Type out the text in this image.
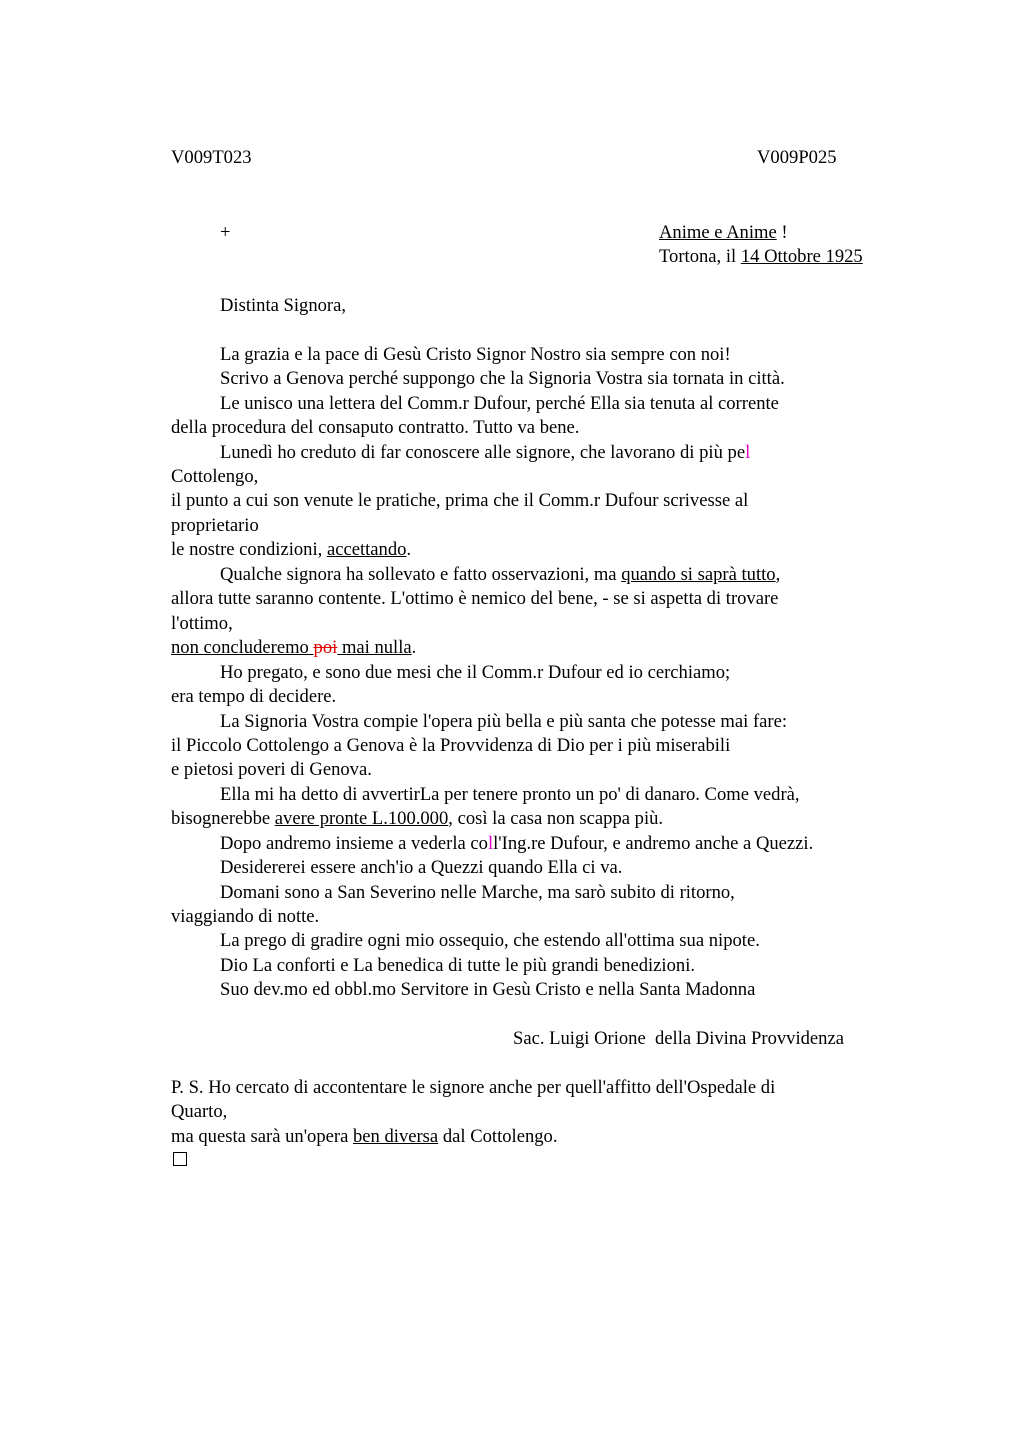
V009T023	V009P025
+	Anime e Anime !
Tortona, il 14 Ottobre 1925
Distinta Signora,
La grazia e la pace di Gesù Cristo Signor Nostro sia sempre con noi!
Scrivo a Genova perché suppongo che la Signoria Vostra sia tornata in città.
Le unisco una lettera del Comm.r Dufour, perché Ella sia tenuta al corrente
della procedura del consaputo contratto. Tutto va bene.
Lunedì ho creduto di far conoscere alle signore, che lavorano di più pel
Cottolengo,
il punto a cui son venute le pratiche, prima che il Comm.r Dufour scrivesse al
proprietario
le nostre condizioni, accettando.
Qualche signora ha sollevato e fatto osservazioni, ma quando si saprà tutto,
allora tutte saranno contente. L'ottimo è nemico del bene, - se si aspetta di trovare
l'ottimo,
non concluderemo poi mai nulla.
Ho pregato, e sono due mesi che il Comm.r Dufour ed io cerchiamo;
era tempo di decidere.
La Signoria Vostra compie l'opera più bella e più santa che potesse mai fare:
il Piccolo Cottolengo a Genova è la Provvidenza di Dio per i più miserabili
e pietosi poveri di Genova.
Ella mi ha detto di avvertirLa per tenere pronto un po' di danaro. Come vedrà,
bisognerebbe avere pronte L.100.000, così la casa non scappa più.
Dopo andremo insieme a vederla coll'Ing.re Dufour, e andremo anche a Quezzi.
Desidererei essere anch'io a Quezzi quando Ella ci va.
Domani sono a San Severino nelle Marche, ma sarò subito di ritorno,
viaggiando di notte.
La prego di gradire ogni mio ossequio, che estendo all'ottima sua nipote.
Dio La conforti e La benedica di tutte le più grandi benedizioni.
Suo dev.mo ed obbl.mo Servitore in Gesù Cristo e nella Santa Madonna
Sac. Luigi Orione  della Divina Provvidenza
P. S. Ho cercato di accontentare le signore anche per quell'affitto dell'Ospedale di
Quarto,
ma questa sarà un'opera ben diversa dal Cottolengo.
